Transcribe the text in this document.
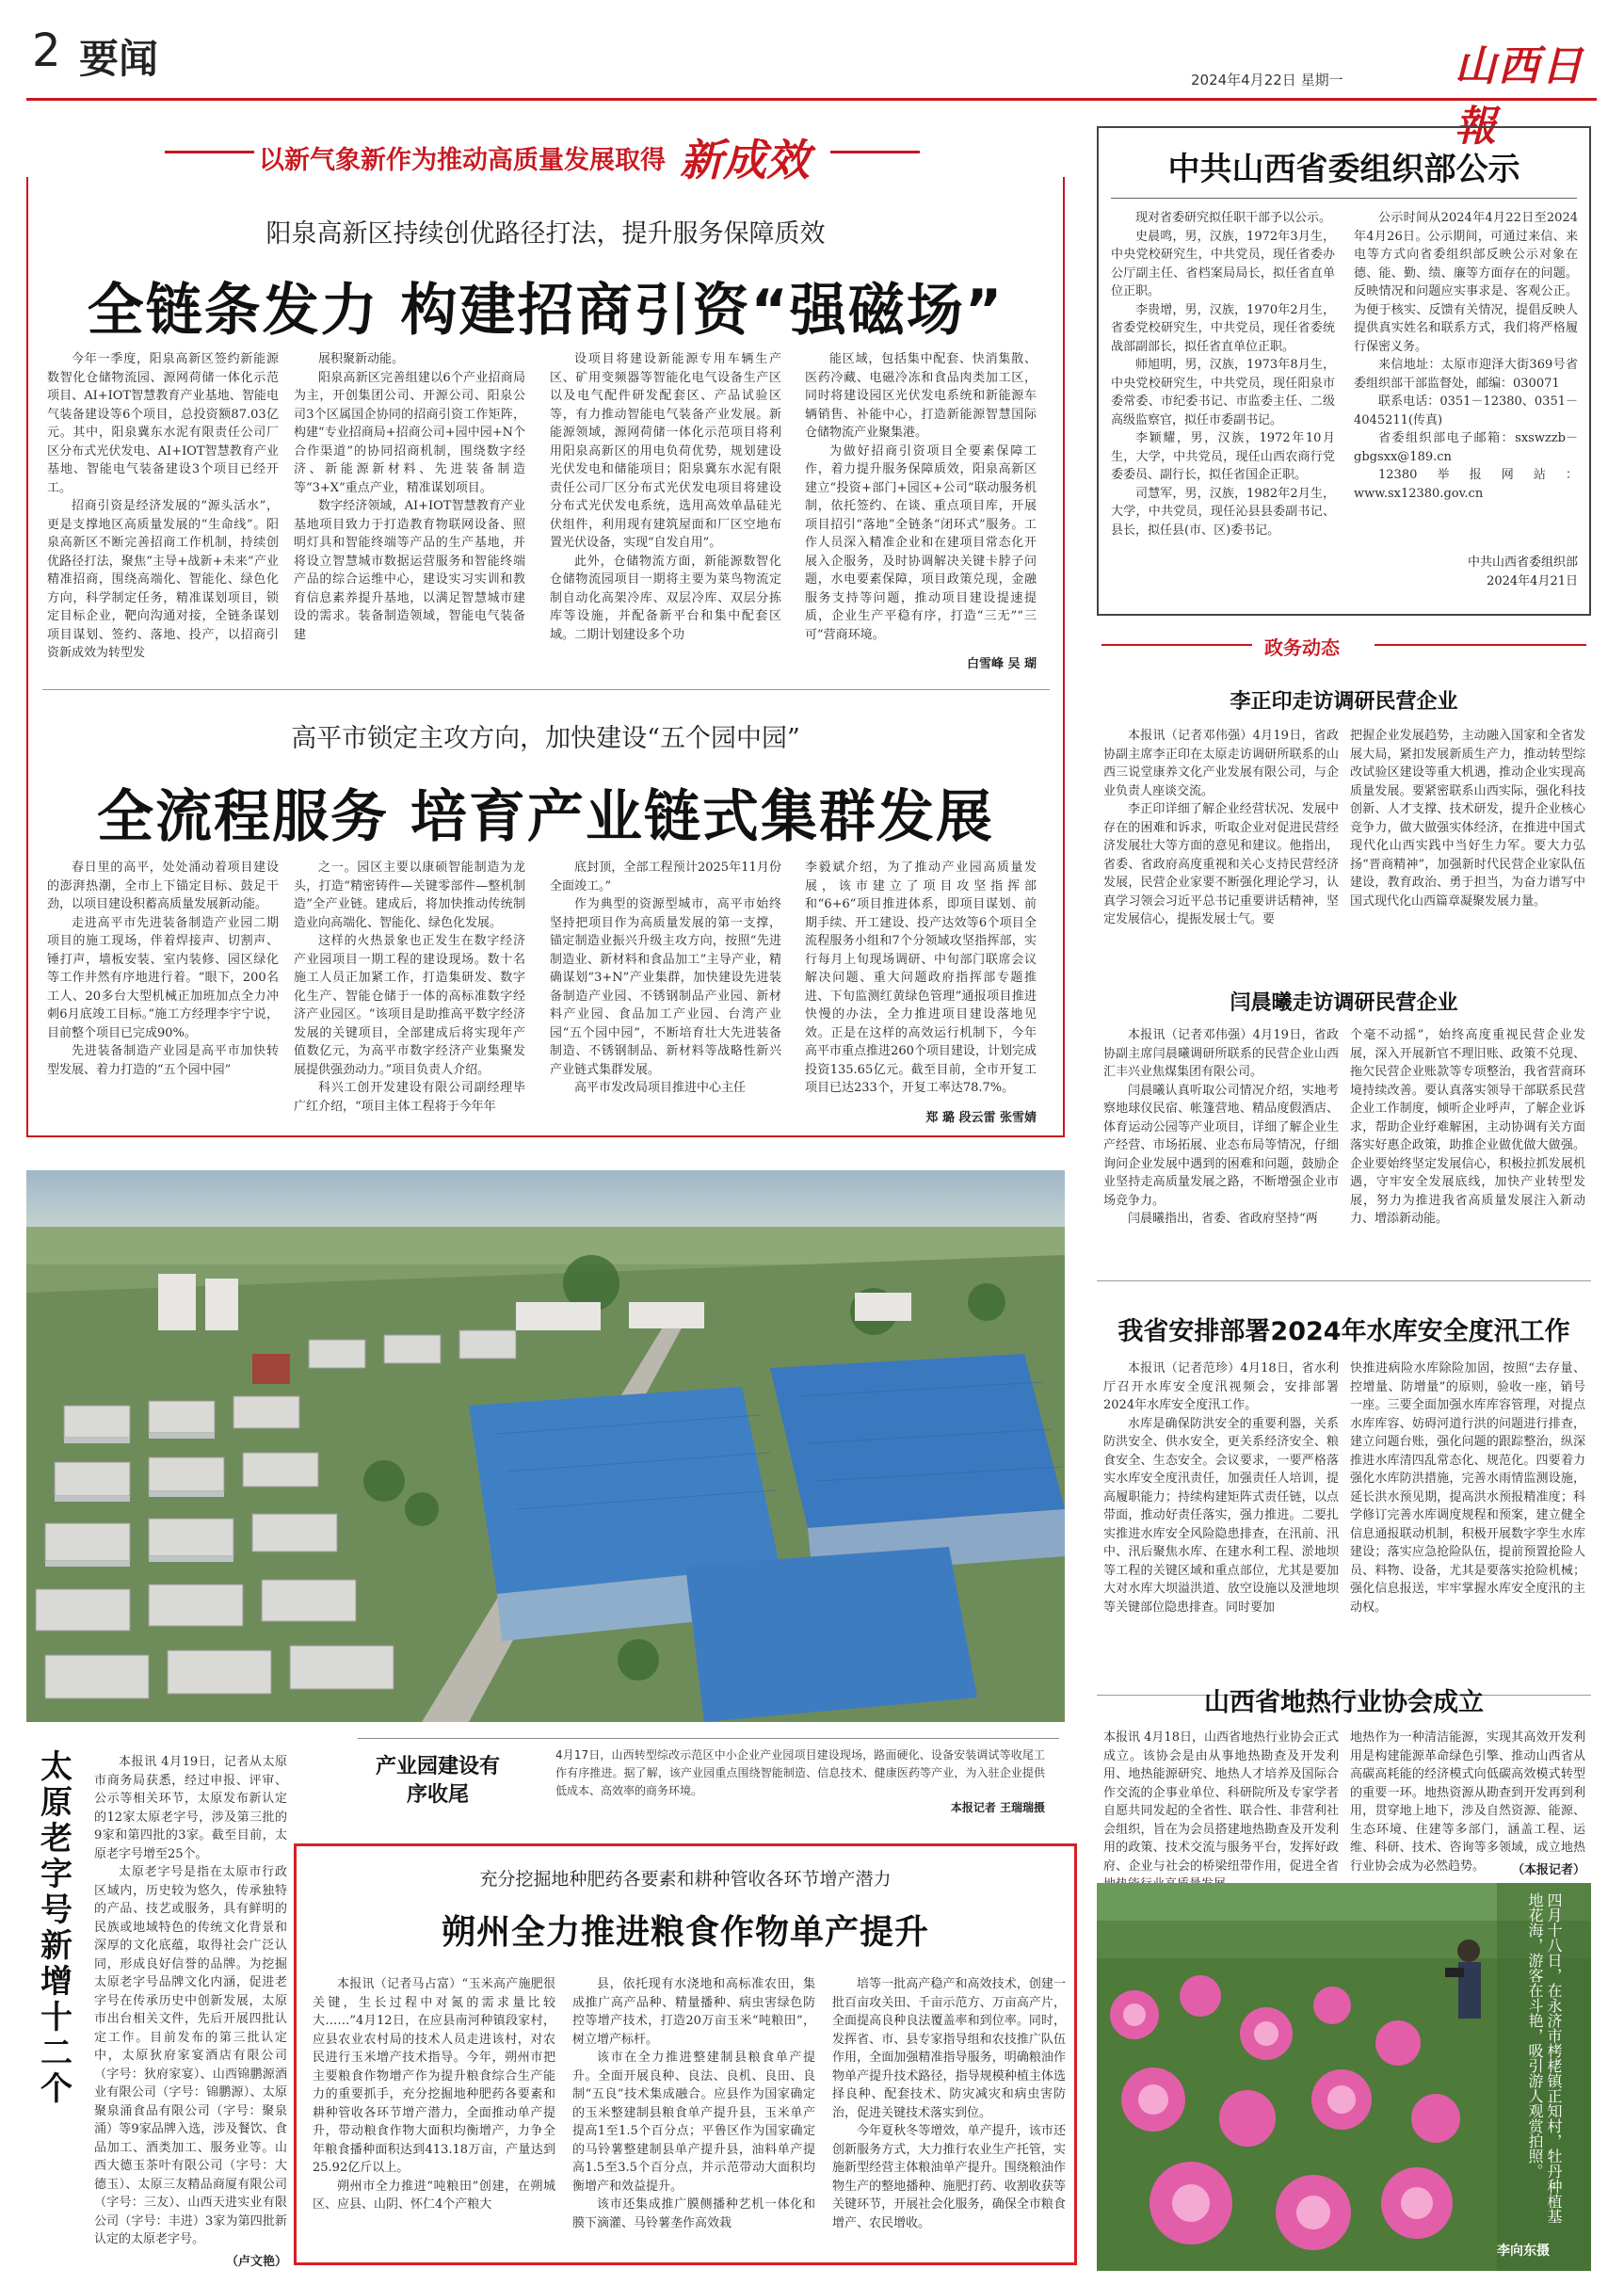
2 要闻	2024年4月22日 星期一	山西日報
以新气象新作为推动高质量发展取得 新成效
阳泉高新区持续创优路径打法，提升服务保障质效
全链条发力 构建招商引资“强磁场”

今年一季度，阳泉高新区签约新能源数智化仓储物流园、源网荷储一体化示范项目、AI+IOT智慧教育产业基地、智能电气装备建设等6个项目，总投资额87.03亿元。其中，阳泉冀东水泥有限责任公司厂区分布式光伏发电、AI+IOT智慧教育产业基地、智能电气装备建设3个项目已经开工。

招商引资是经济发展的“源头活水”，更是支撑地区高质量发展的“生命线”。阳泉高新区不断完善招商工作机制，持续创优路径打法，聚焦“主导+战新+未来”产业精准招商，围绕高端化、智能化、绿色化方向，科学制定任务，精准谋划项目，锁定目标企业，靶向沟通对接，全链条谋划项目谋划、签约、落地、投产，以招商引资新成效为转型发

展积聚新动能。

阳泉高新区完善组建以6个产业招商局为主，开创集团公司、开源公司、阳泉公司3个区属国企协同的招商引资工作矩阵，构建“专业招商局+招商公司+园中园+N个合作渠道”的协同招商机制，围绕数字经济、新能源新材料、先进装备制造等“3+X”重点产业，精准谋划项目。

数字经济领域，AI+IOT智慧教育产业基地项目致力于打造教育物联网设备、照明灯具和智能终端等产品的生产基地，并将设立智慧城市数据运营服务和智能终端产品的综合运维中心，建设实习实训和教育信息素养提升基地，以满足智慧城市建设的需求。装备制造领域，智能电气装备建

设项目将建设新能源专用车辆生产区、矿用变频器等智能化电气设备生产区以及电气配件研发配套区、产品试验区等，有力推动智能电气装备产业发展。新能源领域，源网荷储一体化示范项目将利用阳泉高新区的用电负荷优势，规划建设光伏发电和储能项目；阳泉冀东水泥有限责任公司厂区分布式光伏发电项目将建设分布式光伏发电系统，选用高效单晶硅光伏组件，利用现有建筑屋面和厂区空地布置光伏设备，实现“自发自用”。

此外，仓储物流方面，新能源数智化仓储物流园项目一期将主要为菜鸟物流定制自动化高架冷库、双层冷库、双层分拣库等设施，并配备新平台和集中配套区域。二期计划建设多个功

能区域，包括集中配套、快消集散、医药冷藏、电磁冷冻和食品肉类加工区，同时将建设园区光伏发电系统和新能源车辆销售、补能中心，打造新能源智慧国际仓储物流产业聚集港。

为做好招商引资项目全要素保障工作，着力提升服务保障质效，阳泉高新区建立“投资+部门+园区+公司”联动服务机制，依托签约、在谈、重点项目库，开展项目招引“落地”全链条“闭环式”服务。工作人员深入精准企业和在建项目常态化开展入企服务，及时协调解决关键卡脖子问题，水电要素保障，项目政策兑现，金融服务支持等问题，推动项目建设提速提质，企业生产平稳有序，打造“三无”“三可”营商环境。

白雪峰 吴 瑚
高平市锁定主攻方向，加快建设“五个园中园”
全流程服务 培育产业链式集群发展

春日里的高平，处处涌动着项目建设的澎湃热潮，全市上下锚定目标、鼓足干劲，以项目建设积蓄高质量发展新动能。

走进高平市先进装备制造产业园二期项目的施工现场，伴着焊接声、切割声、锤打声，墙板安装、室内装修、园区绿化等工作井然有序地进行着。“眼下，200名工人、20多台大型机械正加班加点全力冲刺6月底竣工目标。”施工方经理李宇宁说，目前整个项目已完成90%。

先进装备制造产业园是高平市加快转型发展、着力打造的“五个园中园”

之一。园区主要以康硕智能制造为龙头，打造“精密铸件—关键零部件—整机制造”全产业链。建成后，将加快推动传统制造业向高端化、智能化、绿色化发展。

这样的火热景象也正发生在数字经济产业园项目一期工程的建设现场。数十名施工人员正加紧工作，打造集研发、数字化生产、智能仓储于一体的高标准数字经济产业园区。“该项目是助推高平数字经济发展的关键项目，全部建成后将实现年产值数亿元，为高平市数字经济产业集聚发展提供强劲动力。”项目负责人介绍。

科兴工创开发建设有限公司副经理毕广红介绍，“项目主体工程将于今年年

底封顶，全部工程预计2025年11月份全面竣工。”

作为典型的资源型城市，高平市始终坚持把项目作为高质量发展的第一支撑，锚定制造业振兴升级主攻方向，按照“先进制造业、新材料和食品加工”主导产业，精确谋划“3+N”产业集群，加快建设先进装备制造产业园、不锈钢制品产业园、新材料产业园、食品加工产业园、台湾产业园“五个园中园”，不断培育壮大先进装备制造、不锈钢制品、新材料等战略性新兴产业链式集群发展。

高平市发改局项目推进中心主任

李毅斌介绍，为了推动产业园高质量发展，该市建立了项目攻坚指挥部和“6+6”项目推进体系，即项目谋划、前期手续、开工建设、投产达效等6个项目全流程服务小组和7个分领域攻坚指挥部，实行每月上旬现场调研、中旬部门联席会议解决问题、重大问题政府指挥部专题推进、下旬监测红黄绿色管理”通报项目推进快慢的办法，全力推进项目建设落地见效。正是在这样的高效运行机制下，今年高平市重点推进260个项目建设，计划完成投资135.65亿元。截至目前，全市开复工项目已达233个，开复工率达78.7%。
郑 璐 段云雷 张雪婧
中共山西省委组织部公示

现对省委研究拟任职干部予以公示。

史晨鸣，男，汉族，1972年3月生，中央党校研究生，中共党员，现任省委办公厅副主任、省档案局局长，拟任省直单位正职。

李贵增，男，汉族，1970年2月生，省委党校研究生，中共党员，现任省委统战部副部长，拟任省直单位正职。

师旭明，男，汉族，1973年8月生，中央党校研究生，中共党员，现任阳泉市委常委、市纪委书记、市监委主任、二级高级监察官，拟任市委副书记。

李颖耀，男，汉族，1972年10月生，大学，中共党员，现任山西农商行党委委员、副行长，拟任省国企正职。

司慧军，男，汉族，1982年2月生，大学，中共党员，现任沁县县委副书记、县长，拟任县(市、区)委书记。

公示时间从2024年4月22日至2024年4月26日。公示期间，可通过来信、来电等方式向省委组织部反映公示对象在德、能、勤、绩、廉等方面存在的问题。反映情况和问题应实事求是、客观公正。为便于核实、反馈有关情况，提倡反映人提供真实姓名和联系方式，我们将严格履行保密义务。

来信地址：太原市迎泽大街369号省委组织部干部监督处，邮编：030071

联系电话：0351－12380、0351－4045211(传真)

省委组织部电子邮箱：sxswzzb－gbgsxx@189.cn

12380举报网站：www.sx12380.gov.cn

中共山西省委组织部
2024年4月21日
政务动态
李正印走访调研民营企业

本报讯（记者邓伟强）4月19日，省政协副主席李正印在太原走访调研所联系的山西三说堂康养文化产业发展有限公司，与企业负责人座谈交流。

李正印详细了解企业经营状况、发展中存在的困难和诉求，听取企业对促进民营经济发展壮大等方面的意见和建议。他指出，省委、省政府高度重视和关心支持民营经济发展，民营企业家要不断强化理论学习，认真学习领会习近平总书记重要讲话精神，坚定发展信心，提振发展士气。要

把握企业发展趋势，主动融入国家和全省发展大局，紧扣发展新质生产力，推动转型综改试验区建设等重大机遇，推动企业实现高质量发展。要紧密联系山西实际，强化科技创新、人才支撑、技术研发，提升企业核心竞争力，做大做强实体经济，在推进中国式现代化山西实践中当好生力军。要大力弘扬“晋商精神”，加强新时代民营企业家队伍建设，教育政治、勇于担当，为奋力谱写中国式现代化山西篇章凝聚发展力量。
闫晨曦走访调研民营企业

本报讯（记者邓伟强）4月19日，省政协副主席闫晨曦调研所联系的民营企业山西汇丰兴业焦煤集团有限公司。

闫晨曦认真听取公司情况介绍，实地考察地球仪民宿、帐篷营地、精品度假酒店、体育运动公园等产业项目，详细了解企业生产经营、市场拓展、业态布局等情况，仔细询问企业发展中遇到的困难和问题，鼓励企业坚持走高质量发展之路，不断增强企业市场竞争力。

闫晨曦指出，省委、省政府坚持“两

个毫不动摇”，始终高度重视民营企业发展，深入开展新官不理旧账、政策不兑现、拖欠民营企业账款等专项整治，我省营商环境持续改善。要认真落实领导干部联系民营企业工作制度，倾听企业呼声，了解企业诉求，帮助企业纾难解困，主动协调有关方面落实好惠企政策，助推企业做优做大做强。企业要始终坚定发展信心，积极拉抓发展机遇，守牢安全发展底线，加快产业转型发展，努力为推进我省高质量发展注入新动力、增添新动能。
我省安排部署2024年水库安全度汛工作

本报讯（记者范珍）4月18日，省水利厅召开水库安全度汛视频会，安排部署2024年水库安全度汛工作。

水库是确保防洪安全的重要利器，关系防洪安全、供水安全，更关系经济安全、粮食安全、生态安全。会议要求，一要严格落实水库安全度汛责任，加强责任人培训，提高履职能力；持续构建矩阵式责任链，以点带面，推动好责任落实，强力推进。二要扎实推进水库安全风险隐患排查，在汛前、汛中、汛后聚焦水库、在建水利工程、淤地坝等工程的关键区域和重点部位，尤其是要加大对水库大坝溢洪道、放空设施以及泄地坝等关键部位隐患排查。同时要加

快推进病险水库除险加固，按照“去存量、控增量、防增量”的原则，验收一座，销号一座。三要全面加强水库库容管理，对提点水库库容、妨碍河道行洪的问题进行排查，建立问题台账，强化问题的跟踪整治，纵深推进水库清四乱常态化、规范化。四要着力强化水库防洪措施，完善水雨情监测设施，延长洪水预见期，提高洪水预报精准度；科学修订完善水库调度规程和预案，建立健全信息通报联动机制，积极开展数字孪生水库建设；落实应急抢险队伍，提前预置抢险人员、料物、设备，尤其是要落实抢险机械；强化信息报送，牢牢掌握水库安全度汛的主动权。
山西省地热行业协会成立
本报讯 4月18日，山西省地热行业协会正式成立。该协会是由从事地热勘查及开发利用、地热能源研究、地热人才培养及国际合作交流的企事业单位、科研院所及专家学者自愿共同发起的全省性、联合性、非营利社会组织，旨在为会员搭建地热勘查及开发利用的政策、技术交流与服务平台，发挥好政府、企业与社会的桥梁纽带作用，促进全省
地热作为一种清洁能源，实现其高效开发利用是构建能源革命绿色引擎、推动山西省从高碳高耗能的经济模式向低碳高效模式转型的重要一环。地热资源从勘查到开发再到利用，贯穿地上地下，涉及自然资源、能源、生态环境、住建等多部门，涵盖工程、运维、科研、技术、咨询等多领域，成立地热行业协会成为必然趋势。	（本报记者）
产业园建设有序收尾
4月17日，山西转型综改示范区中小企业产业园项目建设现场，路面硬化、设备安装调试等收尾工作有序推进。据了解，该产业园重点围绕智能制造、信息技术、健康医药等产业，为入驻企业提供低成本、高效率的商务环境。
本报记者 王瑞瑞摄
太原老字号新增十二个

本报讯 4月19日，记者从太原市商务局获悉，经过申报、评审、公示等相关环节，太原发布新认定的12家太原老字号，涉及第三批的9家和第四批的3家。截至目前，太原老字号增至25个。

太原老字号是指在太原市行政区域内，历史较为悠久，传承独特的产品、技艺或服务，具有鲜明的民族或地域特色的传统文化背景和深厚的文化底蕴，取得社会广泛认同，形成良好信誉的品牌。为挖掘太原老字号品牌文化内涵，促进老字号在传承历史中创新发展，太原市出台相关文件，先后开展四批认定工作。目前发布的第三批认定中，太原狄府家宴酒店有限公司（字号：狄府家宴）、山西锦鹏源酒业有限公司（字号：锦鹏源）、太原聚泉涌食品有限公司（字号：聚泉涌）等9家品牌入选，涉及餐饮、食品加工、酒类加工、服务业等。山西大德玉茶叶有限公司（字号：大德玉）、太原三友精品商厦有限公司（字号：三友）、山西天进实业有限公司（字号：丰进）3家为第四批新认定的太原老字号。

（卢文艳）
充分挖掘地种肥药各要素和耕种管收各环节增产潜力
朔州全力推进粮食作物单产提升

本报讯（记者马占富）“玉米高产施肥很关键，生长过程中对氮的需求量比较大……”4月12日，在应县南河种镇段家村，应县农业农村局的技术人员走进该村，对农民进行玉米增产技术指导。今年，朔州市把主要粮食作物增产作为提升粮食综合生产能力的重要抓手，充分挖掘地种肥药各要素和耕种管收各环节增产潜力，全面推动单产提升，带动粮食作物大面积均衡增产，力争全年粮食播种面积达到413.18万亩，产量达到25.92亿斤以上。

朔州市全力推进“吨粮田”创建，在朔城区、应县、山阴、怀仁4个产粮大

县，依托现有水浇地和高标准农田，集成推广高产品种、精量播种、病虫害绿色防控等增产技术，打造20万亩玉米“吨粮田”，树立增产标杆。

该市在全力推进整建制县粮食单产提升。全面开展良种、良法、良机、良田、良制“五良”技术集成融合。应县作为国家确定的玉米整建制县粮食单产提升县，玉米单产提高1至1.5个百分点；平鲁区作为国家确定的马铃薯整建制县单产提升县，油料单产提高1.5至3.5个百分点，并示范带动大面积均衡增产和效益提升。

该市还集成推广膜侧播种艺机一体化和膜下滴灌、马铃薯垄作高效栽

培等一批高产稳产和高效技术，创建一批百亩攻关田、千亩示范方、万亩高产片，全面提高良种良法覆盖率和到位率。同时，发挥省、市、县专家指导组和农技推广队伍作用，全面加强精准指导服务，明确粮油作物单产提升技术路径，指导规模种植主体选择良种、配套技术、防灾减灾和病虫害防治，促进关键技术落实到位。

今年夏秋冬等增效，单产提升，该市还创新服务方式，大力推行农业生产托管，实施新型经营主体粮油单产提升。围绕粮油作物生产的整地播种、施肥打药、收割收获等关键环节，开展社会化服务，确保全市粮食增产、农民增收。	四月十八日，在永济市栲栳镇正知村，牡丹种植基地花海，游客在斗艳，吸引游人观赏拍照。
李向东摄
